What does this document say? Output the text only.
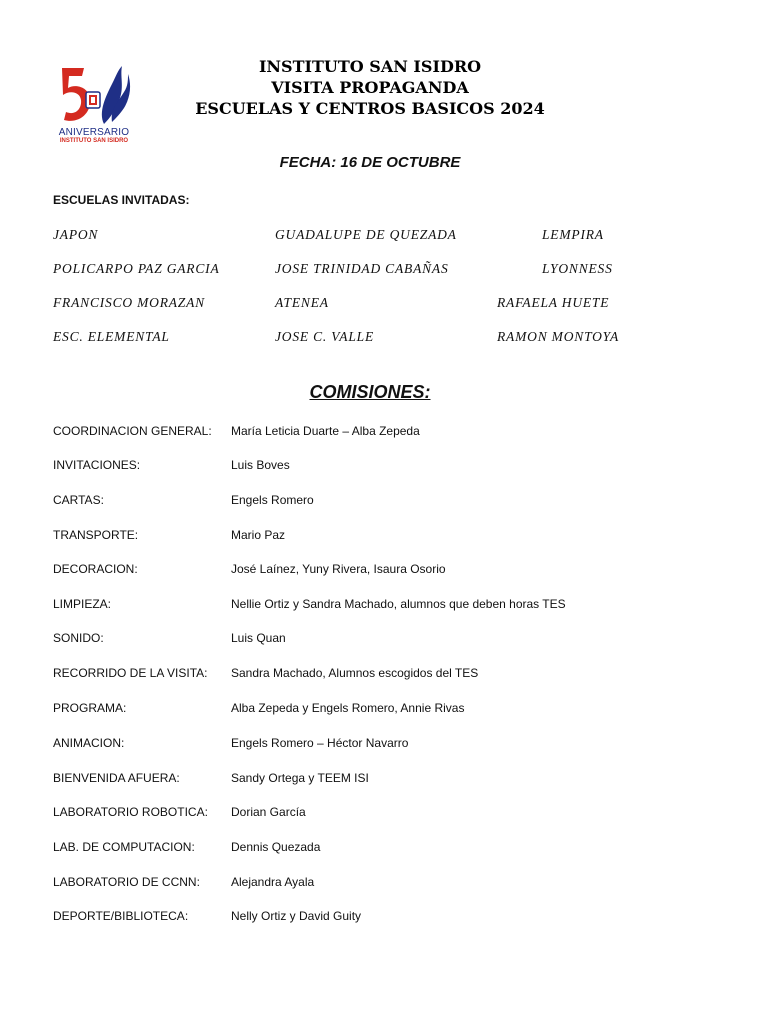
ANIVERSARIO
INSTITUTO SAN ISIDRO
INSTITUTO SAN ISIDRO
VISITA PROPAGANDA
ESCUELAS Y CENTROS BASICOS 2024
FECHA: 16 DE OCTUBRE
ESCUELAS INVITADAS:
JAPON	GUADALUPE DE QUEZADA	LEMPIRA
POLICARPO PAZ GARCIA	JOSE TRINIDAD CABAÑAS	LYONNESS
FRANCISCO MORAZAN	ATENEA	RAFAELA HUETE
ESC. ELEMENTAL	JOSE C. VALLE	RAMON MONTOYA
COMISIONES:
COORDINACION GENERAL: María Leticia Duarte – Alba Zepeda
INVITACIONES:	Luis Boves
CARTAS:	Engels Romero
TRANSPORTE:	Mario Paz
DECORACION:	José Laínez, Yuny Rivera, Isaura Osorio
LIMPIEZA:	Nellie Ortiz y Sandra Machado, alumnos que deben horas TES
SONIDO:	Luis Quan
RECORRIDO DE LA VISITA: Sandra Machado, Alumnos escogidos del TES
PROGRAMA:	Alba Zepeda y Engels Romero, Annie Rivas
ANIMACION:	Engels Romero – Héctor Navarro
BIENVENIDA AFUERA:	Sandy Ortega y TEEM ISI
LABORATORIO ROBOTICA: Dorian García
LAB. DE COMPUTACION:	Dennis Quezada
LABORATORIO DE CCNN:	Alejandra Ayala
DEPORTE/BIBLIOTECA:	Nelly Ortiz y David Guity
